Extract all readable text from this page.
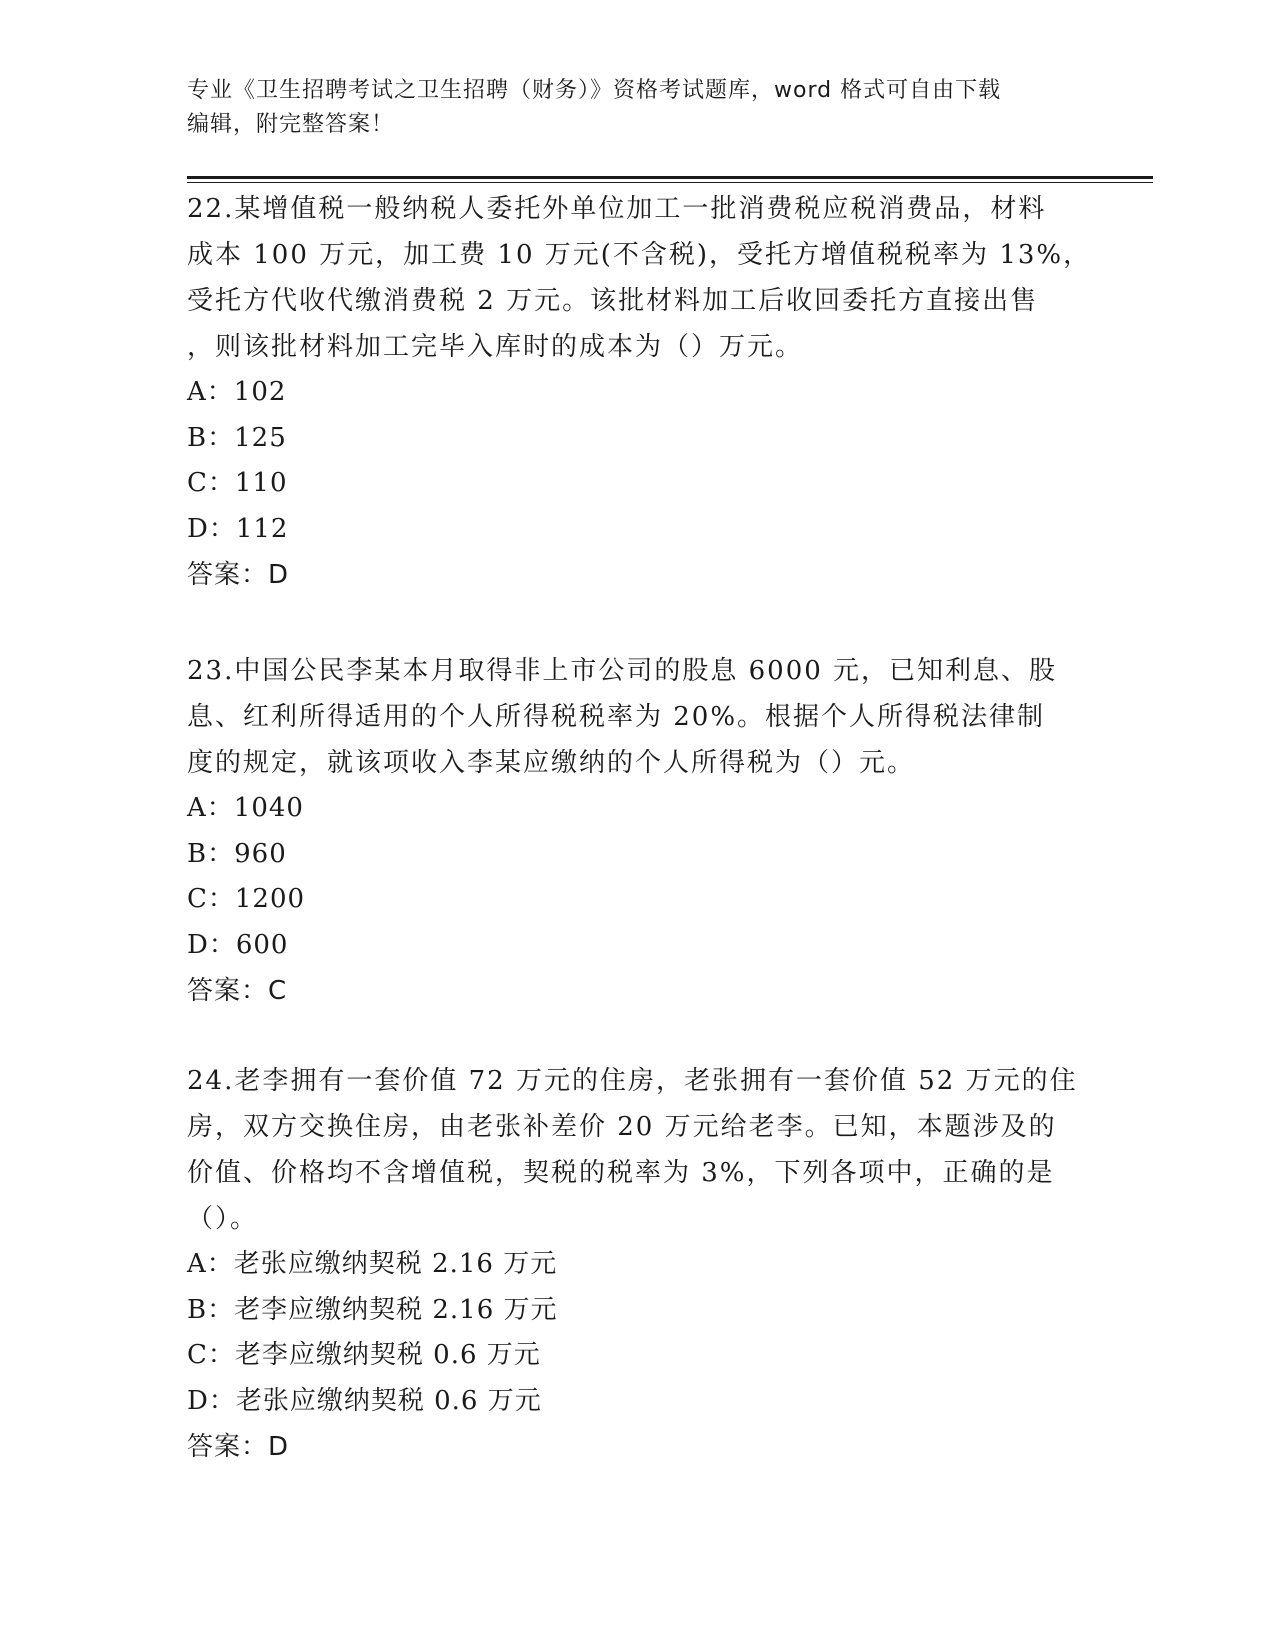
专业《卫生招聘考试之卫生招聘（财务）》资格考试题库，word 格式可自由下载
编辑，附完整答案！
22.某增值税一般纳税人委托外单位加工一批消费税应税消费品，材料
成本 100 万元，加工费 10 万元(不含税)，受托方增值税税率为 13%，
受托方代收代缴消费税 2 万元。该批材料加工后收回委托方直接出售
，则该批材料加工完毕入库时的成本为（）万元。
A：102
B：125
C：110
D：112
答案：D
23.中国公民李某本月取得非上市公司的股息 6000 元，已知利息、股
息、红利所得适用的个人所得税税率为 20%。根据个人所得税法律制
度的规定，就该项收入李某应缴纳的个人所得税为（）元。
A：1040
B：960
C：1200
D：600
答案：C
24.老李拥有一套价值 72 万元的住房，老张拥有一套价值 52 万元的住
房，双方交换住房，由老张补差价 20 万元给老李。已知，本题涉及的
价值、价格均不含增值税，契税的税率为 3%，下列各项中，正确的是
（）。
A：老张应缴纳契税 2.16 万元
B：老李应缴纳契税 2.16 万元
C：老李应缴纳契税 0.6 万元
D：老张应缴纳契税 0.6 万元
答案：D
